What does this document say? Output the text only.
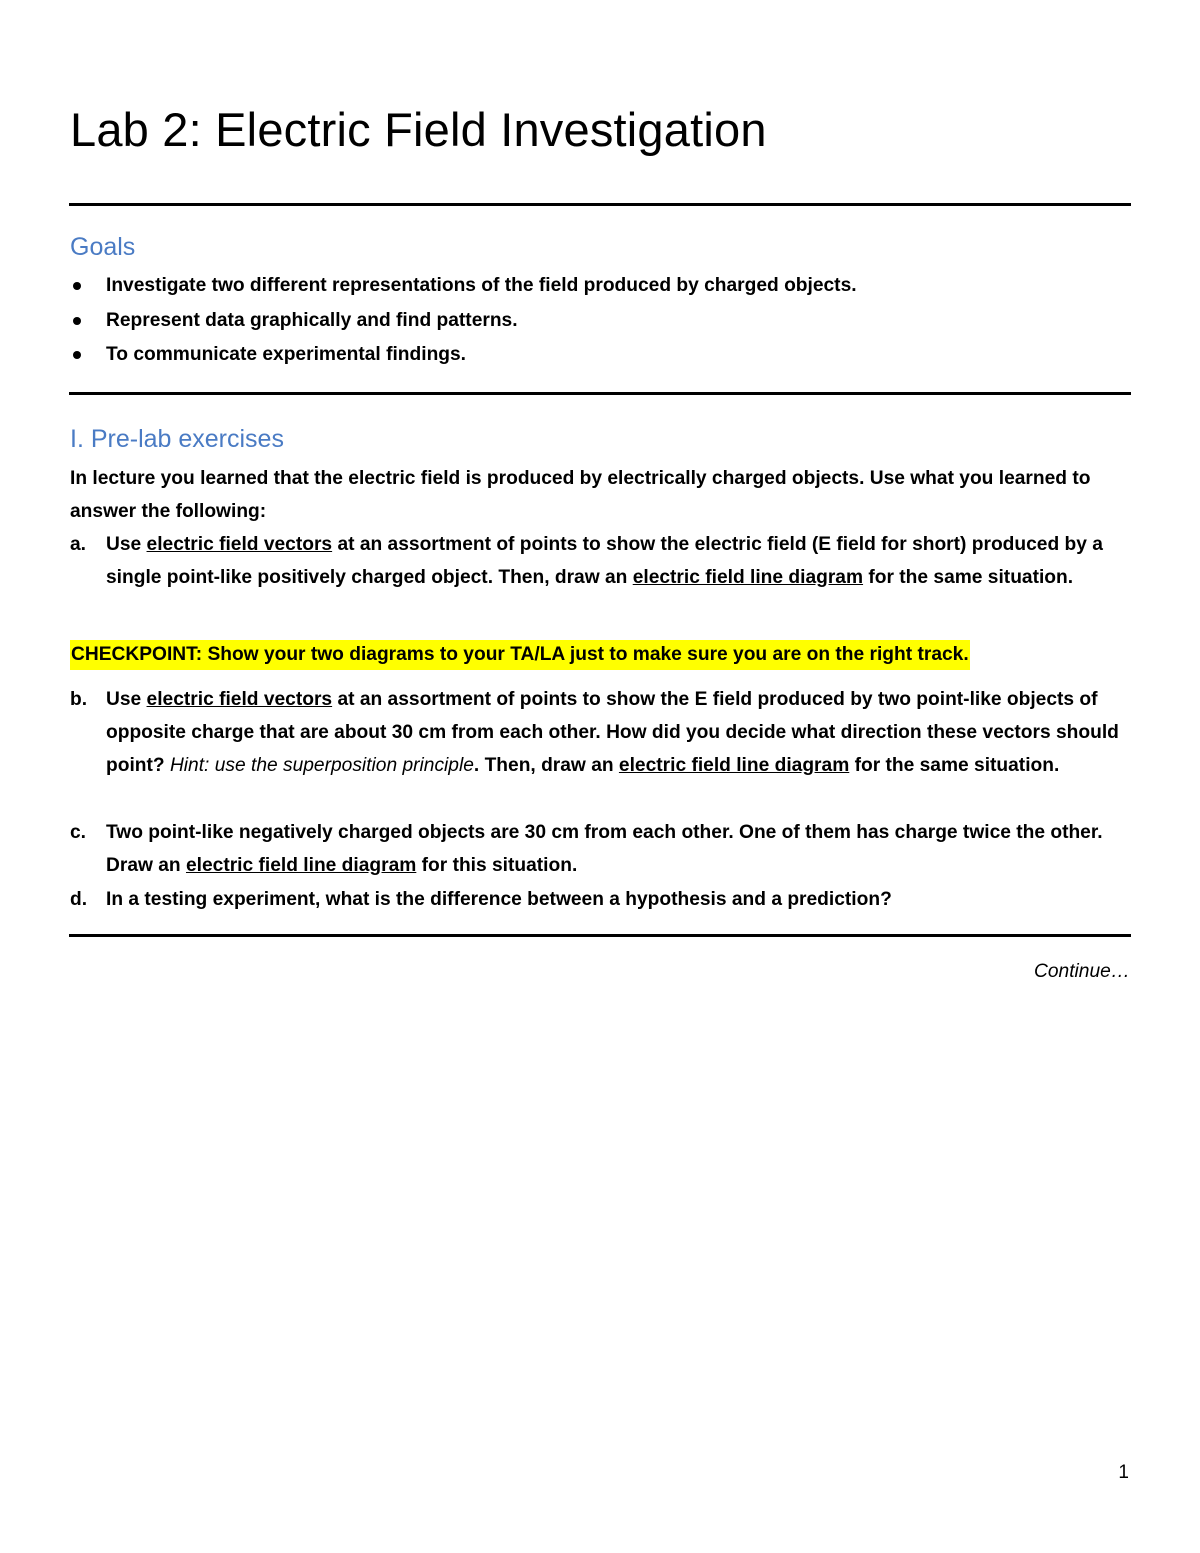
Lab 2: Electric Field Investigation
Goals
Investigate two different representations of the field produced by charged objects.
Represent data graphically and find patterns.
To communicate experimental findings.
I. Pre-lab exercises

In lecture you learned that the electric field is produced by electrically charged objects. Use what you learned to answer the following:

a.	Use electric field vectors at an assortment of points to show the electric field (E field for short) produced by a single point-like positively charged object. Then, draw an electric field line diagram for the same situation.
CHECKPOINT: Show your two diagrams to your TA/LA just to make sure you are on the right track.
b. Use electric field vectors at an assortment of points to show the E field produced by two point-like objects of opposite charge that are about 30 cm from each other. How did you decide what direction these vectors should point? Hint: use the superposition principle. Then, draw an electric field line diagram for the same situation.
c.	Two point-like negatively charged objects are 30 cm from each other. One of them has charge twice the other. Draw an electric field line diagram for this situation.
d. In a testing experiment, what is the difference between a hypothesis and a prediction?
Continue…
1
